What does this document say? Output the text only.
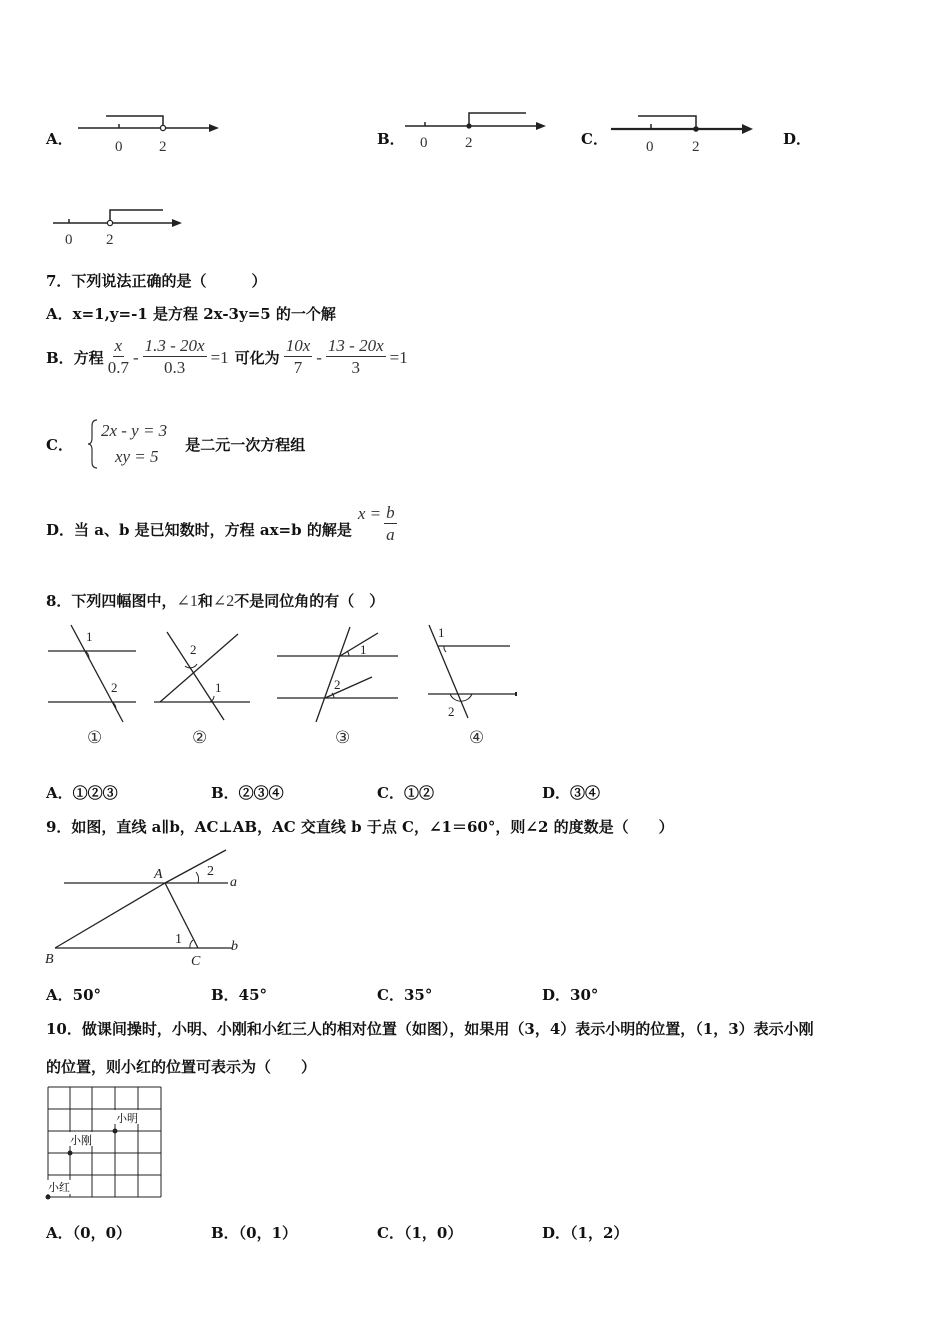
A．	0 2	B． 0	2	C．	0	2	D．
0 2
7．下列说法正确的是（　　　）
A．x=1,y=-1 是方程 2x-3y=5 的一个解
B．方程 $\frac{x}{0.7} - \frac{1.3 - 20x}{0.3} =1$ 可化为 $\frac{10x}{7} - \frac{13 - 20x}{3} =1$
C．
2x - y = 3
xy = 5
是二元一次方程组
D．当 a、b 是已知数时，方程 ax=b 的解是
$x = \frac{b}{a}$
8．下列四幅图中， ∠1 和 ∠2 不是同位角的有（　）
1
2
①
2
1
②
1
2
③
1
2
④
A．①②③	B．②③④	C．①②	D．③④
9．如图，直线 a∥b，AC⊥AB，AC 交直线 b 于点 C，∠1＝60°，则∠2 的度数是（　　）
A	2
a
1	b
B	C
A．50°	B．45°	C．35°	D．30°
10．做课间操时，小明、小刚和小红三人的相对位置（如图），如果用（3，4）表示小明的位置，（1，3）表示小刚
的位置，则小红的位置可表示为（　　）
小明
小刚
小红
A．（0，0）	B．（0，1）	C．（1，0）	D．（1，2）
